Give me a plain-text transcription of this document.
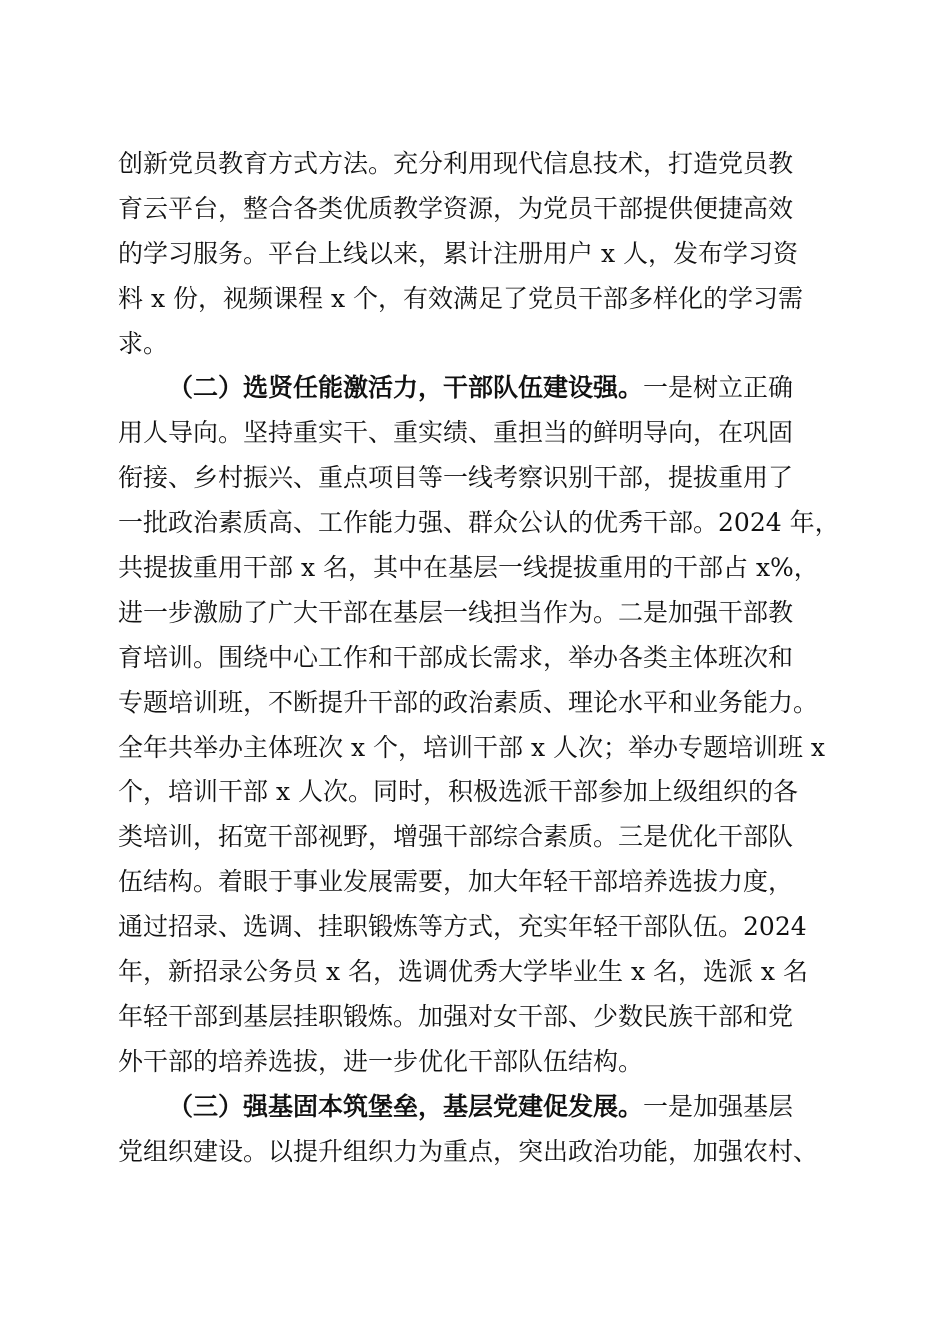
创新党员教育方式方法。充分利用现代信息技术，打造党员教
育云平台，整合各类优质教学资源，为党员干部提供便捷高效
的学习服务。平台上线以来，累计注册用户 x 人，发布学习资
料 x 份，视频课程 x 个，有效满足了党员干部多样化的学习需
求。
（二）选贤任能激活力，干部队伍建设强。一是树立正确
用人导向。坚持重实干、重实绩、重担当的鲜明导向，在巩固
衔接、乡村振兴、重点项目等一线考察识别干部，提拔重用了
一批政治素质高、工作能力强、群众公认的优秀干部。2024 年，
共提拔重用干部 x 名，其中在基层一线提拔重用的干部占 x%，
进一步激励了广大干部在基层一线担当作为。二是加强干部教
育培训。围绕中心工作和干部成长需求，举办各类主体班次和
专题培训班，不断提升干部的政治素质、理论水平和业务能力。
全年共举办主体班次 x 个，培训干部 x 人次；举办专题培训班 x
个，培训干部 x 人次。同时，积极选派干部参加上级组织的各
类培训，拓宽干部视野，增强干部综合素质。三是优化干部队
伍结构。着眼于事业发展需要，加大年轻干部培养选拔力度，
通过招录、选调、挂职锻炼等方式，充实年轻干部队伍。2024
年，新招录公务员 x 名，选调优秀大学毕业生 x 名，选派 x 名
年轻干部到基层挂职锻炼。加强对女干部、少数民族干部和党
外干部的培养选拔，进一步优化干部队伍结构。
（三）强基固本筑堡垒，基层党建促发展。一是加强基层
党组织建设。以提升组织力为重点，突出政治功能，加强农村、
